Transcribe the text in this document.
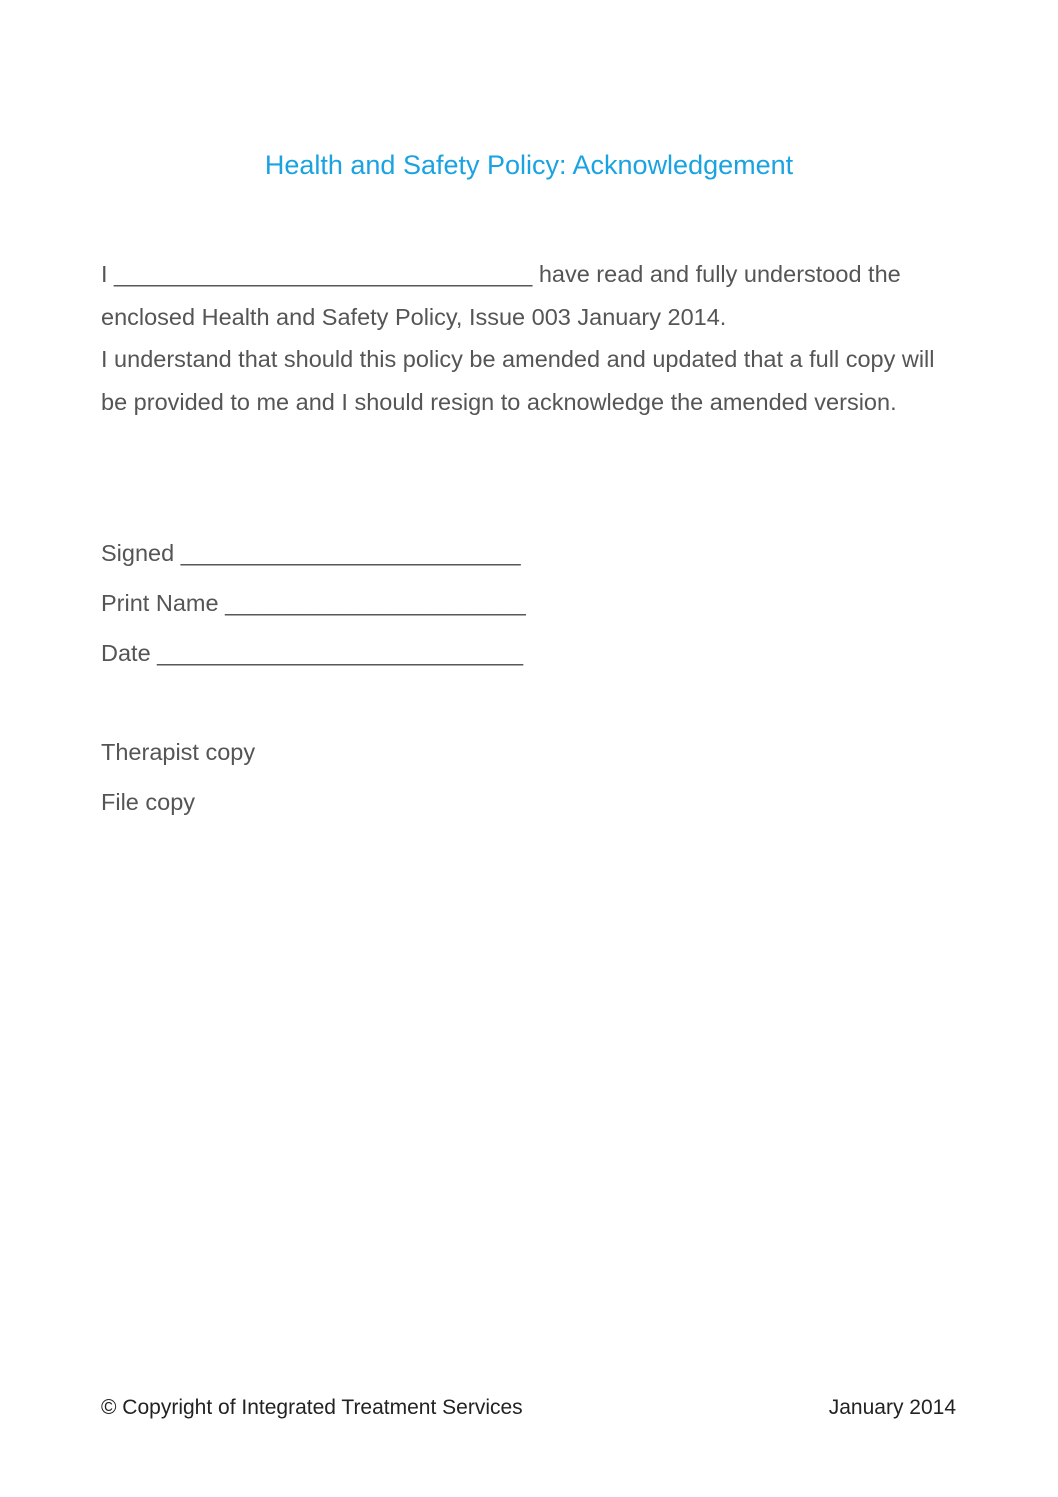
Health and Safety Policy: Acknowledgement

I ________________________________ have read and fully understood the enclosed Health and Safety Policy, Issue 003 January 2014.

I understand that should this policy be amended and updated that a full copy will be provided to me and I should resign to acknowledge the amended version.

Signed __________________________
Print Name _______________________
Date ____________________________
Therapist copy
File copy
© Copyright of Integrated Treatment Services	January 2014
